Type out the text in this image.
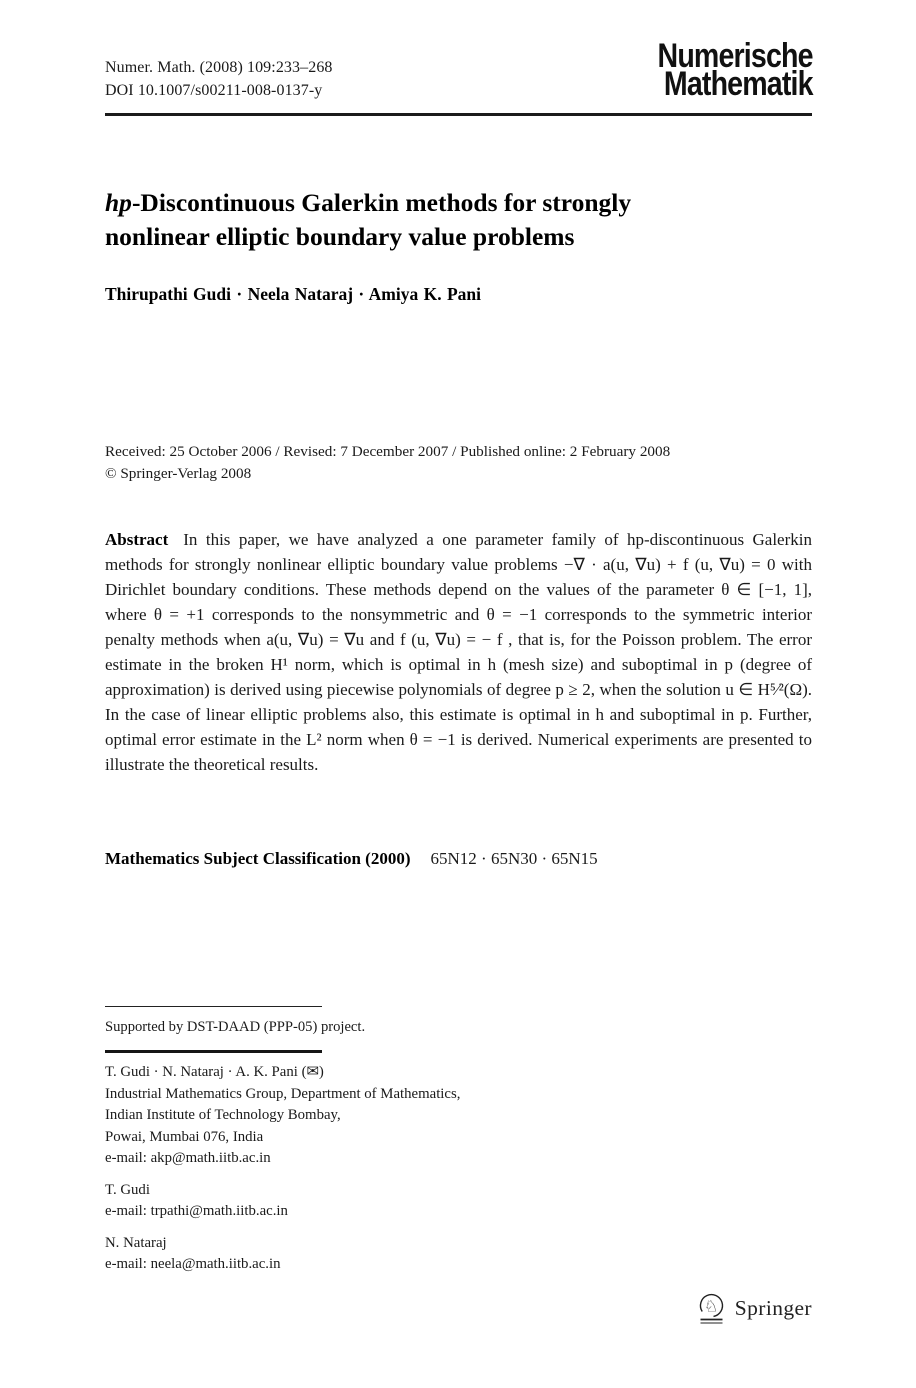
Numer. Math. (2008) 109:233–268
DOI 10.1007/s00211-008-0137-y
Numerische
Mathematik
hp-Discontinuous Galerkin methods for strongly
nonlinear elliptic boundary value problems
Thirupathi Gudi · Neela Nataraj · Amiya K. Pani
Received: 25 October 2006 / Revised: 7 December 2007 / Published online: 2 February 2008
© Springer-Verlag 2008

Abstract In this paper, we have analyzed a one parameter family of hp-discontinuous Galerkin methods for strongly nonlinear elliptic boundary value problems −∇ · a(u, ∇u) + f (u, ∇u) = 0 with Dirichlet boundary conditions. These methods depend on the values of the parameter θ ∈ [−1, 1], where θ = +1 corresponds to the nonsymmetric and θ = −1 corresponds to the symmetric interior penalty methods when a(u, ∇u) = ∇u and f (u, ∇u) = − f , that is, for the Poisson problem. The error estimate in the broken H¹ norm, which is optimal in h (mesh size) and suboptimal in p (degree of approximation) is derived using piecewise polynomials of degree p ≥ 2, when the solution u ∈ H⁵⁄²(Ω). In the case of linear elliptic problems also, this estimate is optimal in h and suboptimal in p. Further, optimal error estimate in the L² norm when θ = −1 is derived. Numerical experiments are presented to illustrate the theoretical results.

Mathematics Subject Classification (2000) 65N12 · 65N30 · 65N15
Supported by DST-DAAD (PPP-05) project.
T. Gudi · N. Nataraj · A. K. Pani (✉)
Industrial Mathematics Group, Department of Mathematics,
Indian Institute of Technology Bombay,
Powai, Mumbai 076, India
e-mail: akp@math.iitb.ac.in
T. Gudi
e-mail: trpathi@math.iitb.ac.in
N. Nataraj
e-mail: neela@math.iitb.ac.in
♘ Springer
